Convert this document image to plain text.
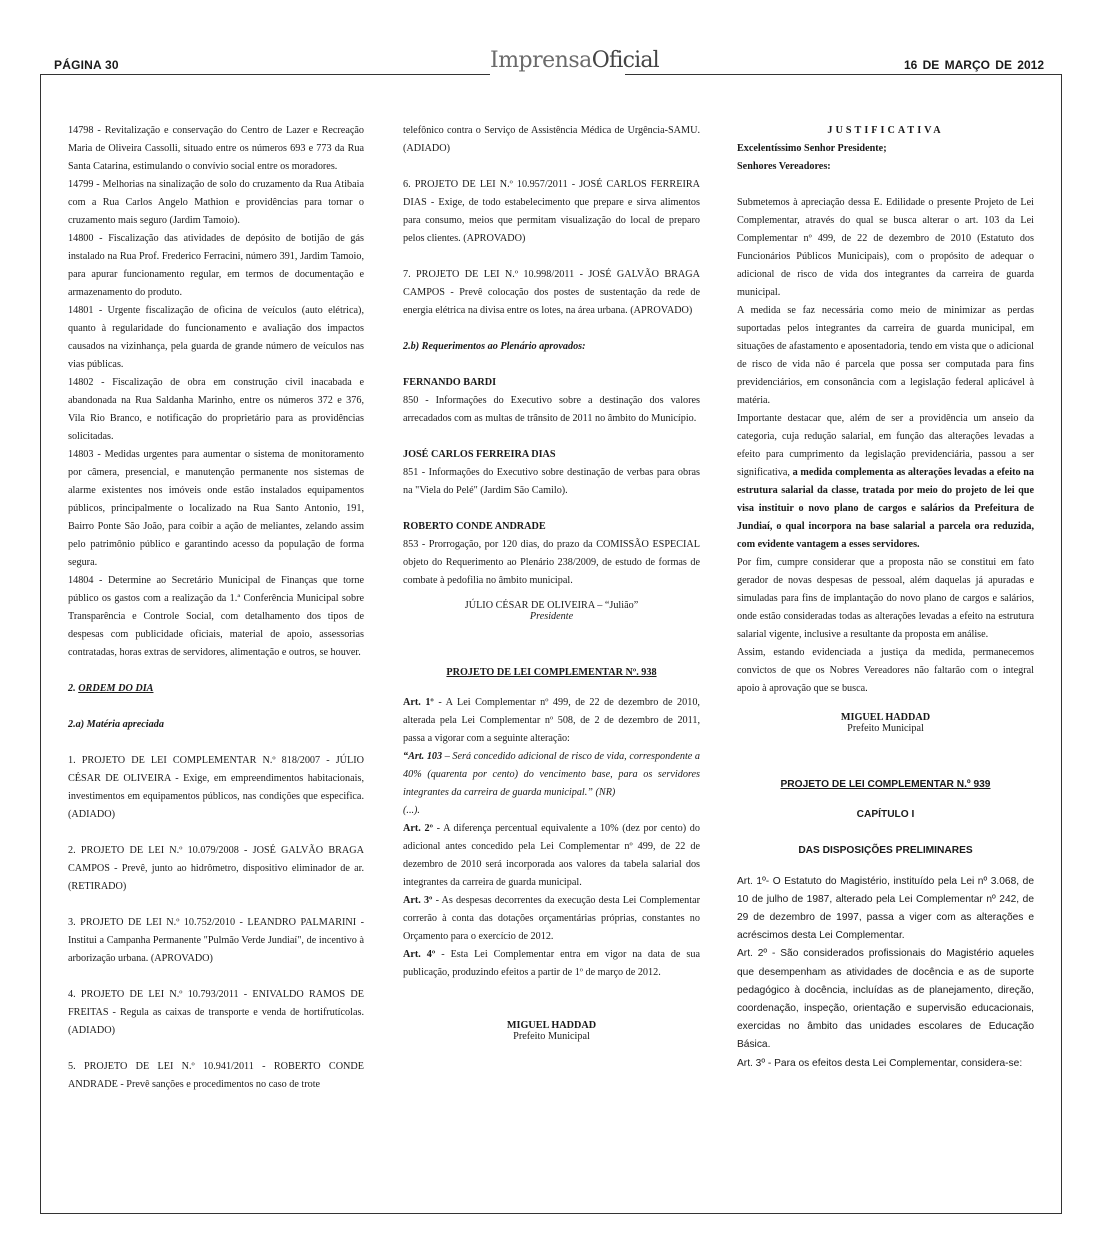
PÁGINA 30	ImprensaOficial	16 DE MARÇO DE 2012

14798 - Revitalização e conservação do Centro de Lazer e Recreação Maria de Oliveira Cassolli, situado entre os números 693 e 773 da Rua Santa Catarina, estimulando o convívio social entre os moradores.

14799 - Melhorias na sinalização de solo do cruzamento da Rua Atibaia com a Rua Carlos Angelo Mathion e providências para tornar o cruzamento mais seguro (Jardim Tamoio).

14800 - Fiscalização das atividades de depósito de botijão de gás instalado na Rua Prof. Frederico Ferracini, número 391, Jardim Tamoio, para apurar funcionamento regular, em termos de documentação e armazenamento do produto.

14801 - Urgente fiscalização de oficina de veículos (auto elétrica), quanto à regularidade do funcionamento e avaliação dos impactos causados na vizinhança, pela guarda de grande número de veículos nas vias públicas.

14802 - Fiscalização de obra em construção civil inacabada e abandonada na Rua Saldanha Marinho, entre os números 372 e 376, Vila Rio Branco, e notificação do proprietário para as providências solicitadas.

14803 - Medidas urgentes para aumentar o sistema de monitoramento por câmera, presencial, e manutenção permanente nos sistemas de alarme existentes nos imóveis onde estão instalados equipamentos públicos, principalmente o localizado na Rua Santo Antonio, 191, Bairro Ponte São João, para coibir a ação de meliantes, zelando assim pelo patrimônio público e garantindo acesso da população de forma segura.

14804 - Determine ao Secretário Municipal de Finanças que torne público os gastos com a realização da 1.ª Conferência Municipal sobre Transparência e Controle Social, com detalhamento dos tipos de despesas com publicidade oficiais, material de apoio, assessorias contratadas, horas extras de servidores, alimentação e outros, se houver.

2. ORDEM DO DIA

2.a) Matéria apreciada

1. PROJETO DE LEI COMPLEMENTAR N.º 818/2007 - JÚLIO CÉSAR DE OLIVEIRA - Exige, em empreendimentos habitacionais, investimentos em equipamentos públicos, nas condições que especifica. (ADIADO)

2. PROJETO DE LEI N.º 10.079/2008 - JOSÉ GALVÃO BRAGA CAMPOS - Prevê, junto ao hidrômetro, dispositivo eliminador de ar. (RETIRADO)

3. PROJETO DE LEI N.º 10.752/2010 - LEANDRO PALMARINI - Institui a Campanha Permanente "Pulmão Verde Jundiaí", de incentivo à arborização urbana. (APROVADO)

4. PROJETO DE LEI N.º 10.793/2011 - ENIVALDO RAMOS DE FREITAS - Regula as caixas de transporte e venda de hortifrutícolas. (ADIADO)

5. PROJETO DE LEI N.º 10.941/2011 - ROBERTO CONDE ANDRADE - Prevê sanções e procedimentos no caso de trote

telefônico contra o Serviço de Assistência Médica de Urgência-SAMU. (ADIADO)

6. PROJETO DE LEI N.º 10.957/2011 - JOSÉ CARLOS FERREIRA DIAS - Exige, de todo estabelecimento que prepare e sirva alimentos para consumo, meios que permitam visualização do local de preparo pelos clientes. (APROVADO)

7. PROJETO DE LEI N.º 10.998/2011 - JOSÉ GALVÃO BRAGA CAMPOS - Prevê colocação dos postes de sustentação da rede de energia elétrica na divisa entre os lotes, na área urbana. (APROVADO)

2.b) Requerimentos ao Plenário aprovados:

FERNANDO BARDI

850 - Informações do Executivo sobre a destinação dos valores arrecadados com as multas de trânsito de 2011 no âmbito do Município.

JOSÉ CARLOS FERREIRA DIAS

851 - Informações do Executivo sobre destinação de verbas para obras na "Viela do Pelé" (Jardim São Camilo).

ROBERTO CONDE ANDRADE

853 - Prorrogação, por 120 dias, do prazo da COMISSÃO ESPECIAL objeto do Requerimento ao Plenário 238/2009, de estudo de formas de combate à pedofilia no âmbito municipal.

JÚLIO CÉSAR DE OLIVEIRA – “Julião”

Presidente

PROJETO DE LEI COMPLEMENTAR Nº. 938

Art. 1º - A Lei Complementar nº 499, de 22 de dezembro de 2010, alterada pela Lei Complementar nº 508, de 2 de dezembro de 2011, passa a vigorar com a seguinte alteração:

“Art. 103 – Será concedido adicional de risco de vida, correspondente a 40% (quarenta por cento) do vencimento base, para os servidores integrantes da carreira de guarda municipal.” (NR)

(...).

Art. 2º - A diferença percentual equivalente a 10% (dez por cento) do adicional antes concedido pela Lei Complementar nº 499, de 22 de dezembro de 2010 será incorporada aos valores da tabela salarial dos integrantes da carreira de guarda municipal.

Art. 3º - As despesas decorrentes da execução desta Lei Complementar correrão à conta das dotações orçamentárias próprias, constantes no Orçamento para o exercício de 2012.

Art. 4º - Esta Lei Complementar entra em vigor na data de sua publicação, produzindo efeitos a partir de 1º de março de 2012.

MIGUEL HADDAD

Prefeito Municipal

JUSTIFICATIVA

Excelentíssimo Senhor Presidente;

Senhores Vereadores:

Submetemos à apreciação dessa E. Edilidade o presente Projeto de Lei Complementar, através do qual se busca alterar o art. 103 da Lei Complementar nº 499, de 22 de dezembro de 2010 (Estatuto dos Funcionários Públicos Municipais), com o propósito de adequar o adicional de risco de vida dos integrantes da carreira de guarda municipal.

A medida se faz necessária como meio de minimizar as perdas suportadas pelos integrantes da carreira de guarda municipal, em situações de afastamento e aposentadoria, tendo em vista que o adicional de risco de vida não é parcela que possa ser computada para fins previdenciários, em consonância com a legislação federal aplicável à matéria.

Importante destacar que, além de ser a providência um anseio da categoria, cuja redução salarial, em função das alterações levadas a efeito para cumprimento da legislação previdenciária, passou a ser significativa, a medida complementa as alterações levadas a efeito na estrutura salarial da classe, tratada por meio do projeto de lei que visa instituir o novo plano de cargos e salários da Prefeitura de Jundiaí, o qual incorpora na base salarial a parcela ora reduzida, com evidente vantagem a esses servidores.

Por fim, cumpre considerar que a proposta não se constitui em fato gerador de novas despesas de pessoal, além daquelas já apuradas e simuladas para fins de implantação do novo plano de cargos e salários, onde estão consideradas todas as alterações levadas a efeito na estrutura salarial vigente, inclusive a resultante da proposta em análise.

Assim, estando evidenciada a justiça da medida, permanecemos convictos de que os Nobres Vereadores não faltarão com o integral apoio à aprovação que se busca.

MIGUEL HADDAD

Prefeito Municipal

PROJETO DE LEI COMPLEMENTAR N.º 939

CAPÍTULO I

DAS DISPOSIÇÕES PRELIMINARES

Art. 1º- O Estatuto do Magistério, instituído pela Lei nº 3.068, de 10 de julho de 1987, alterado pela Lei Complementar nº 242, de 29 de dezembro de 1997, passa a viger com as alterações e acréscimos desta Lei Complementar.

Art. 2º - São considerados profissionais do Magistério aqueles que desempenham as atividades de docência e as de suporte pedagógico à docência, incluídas as de planejamento, direção, coordenação, inspeção, orientação e supervisão educacionais, exercidas no âmbito das unidades escolares de Educação Básica.

Art. 3º - Para os efeitos desta Lei Complementar, considera-se:
